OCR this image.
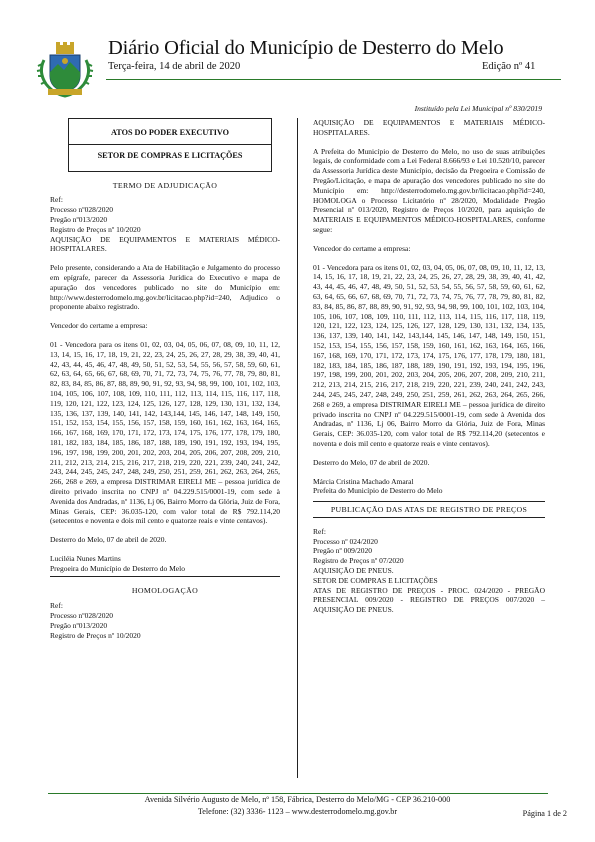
Diário Oficial do Município de Desterro do Melo
Terça-feira, 14 de abril de 2020	Edição nº 41
Instituído pela Lei Municipal nº 830/2019
ATOS DO PODER EXECUTIVO
SETOR DE COMPRAS E LICITAÇÕES
TERMO DE ADJUDICAÇÃO

Ref:

Processo nº028/2020

Pregão nº013/2020

Registro de Preços nº 10/2020

AQUISIÇÃO DE EQUIPAMENTOS E MATERIAIS MÉDICO-HOSPITALARES.

Pelo presente, considerando a Ata de Habilitação e Julgamento do processo em epígrafe, parecer da Assessoria Jurídica do Executivo e mapa de apuração dos vencedores publicado no site do Município em: http://www.desterrodomelo.mg.gov.br/licitacao.php?id=240, Adjudico o proponente abaixo registrado.

Vencedor do certame a empresa:

01 - Vencedora para os itens 01, 02, 03, 04, 05, 06, 07, 08, 09, 10, 11, 12, 13, 14, 15, 16, 17, 18, 19, 21, 22, 23, 24, 25, 26, 27, 28, 29, 38, 39, 40, 41, 42, 43, 44, 45, 46, 47, 48, 49, 50, 51, 52, 53, 54, 55, 56, 57, 58, 59, 60, 61, 62, 63, 64, 65, 66, 67, 68, 69, 70, 71, 72, 73, 74, 75, 76, 77, 78, 79, 80, 81, 82, 83, 84, 85, 86, 87, 88, 89, 90, 91, 92, 93, 94, 98, 99, 100, 101, 102, 103, 104, 105, 106, 107, 108, 109, 110, 111, 112, 113, 114, 115, 116, 117, 118, 119, 120, 121, 122, 123, 124, 125, 126, 127, 128, 129, 130, 131, 132, 134, 135, 136, 137, 139, 140, 141, 142, 143,144, 145, 146, 147, 148, 149, 150, 151, 152, 153, 154, 155, 156, 157, 158, 159, 160, 161, 162, 163, 164, 165, 166, 167, 168, 169, 170, 171, 172, 173, 174, 175, 176, 177, 178, 179, 180, 181, 182, 183, 184, 185, 186, 187, 188, 189, 190, 191, 192, 193, 194, 195, 196, 197, 198, 199, 200, 201, 202, 203, 204, 205, 206, 207, 208, 209, 210, 211, 212, 213, 214, 215, 216, 217, 218, 219, 220, 221, 239, 240, 241, 242, 243, 244, 245, 245, 247, 248, 249, 250, 251, 259, 261, 262, 263, 264, 265, 266, 268 e 269, a empresa DISTRIMAR EIRELI ME – pessoa jurídica de direito privado inscrita no CNPJ nº 04.229.515/0001-19, com sede à Avenida dos Andradas, nº 1136, Lj 06, Bairro Morro da Glória, Juiz de Fora, Minas Gerais, CEP: 36.035-120, com valor total de R$ 792.114,20 (setecentos e noventa e dois mil cento e quatorze reais e vinte centavos).

Desterro do Melo, 07 de abril de 2020.

Luciléia Nunes Martins

Pregoeira do Município de Desterro do Melo

HOMOLOGAÇÃO

Ref:

Processo nº028/2020

Pregão nº013/2020

Registro de Preços nº 10/2020

AQUISIÇÃO DE EQUIPAMENTOS E MATERIAIS MÉDICO-HOSPITALARES.

A Prefeita do Município de Desterro do Melo, no uso de suas atribuições legais, de conformidade com a Lei Federal 8.666/93 e Lei 10.520/10, parecer da Assessoria Jurídica deste Município, decisão da Pregoeira e Comissão de Pregão/Licitação, e mapa de apuração dos vencedores publicado no site do Município em: http://desterrodomelo.mg.gov.br/licitacao.php?id=240, HOMOLOGA o Processo Licitatório nº 28/2020, Modalidade Pregão Presencial nº 013/2020, Registro de Preços 10/2020, para aquisição de MATERIAIS E EQUIPAMENTOS MÉDICO-HOSPITALARES, conforme segue:

Vencedor do certame a empresa:

01 - Vencedora para os itens 01, 02, 03, 04, 05, 06, 07, 08, 09, 10, 11, 12, 13, 14, 15, 16, 17, 18, 19, 21, 22, 23, 24, 25, 26, 27, 28, 29, 38, 39, 40, 41, 42, 43, 44, 45, 46, 47, 48, 49, 50, 51, 52, 53, 54, 55, 56, 57, 58, 59, 60, 61, 62, 63, 64, 65, 66, 67, 68, 69, 70, 71, 72, 73, 74, 75, 76, 77, 78, 79, 80, 81, 82, 83, 84, 85, 86, 87, 88, 89, 90, 91, 92, 93, 94, 98, 99, 100, 101, 102, 103, 104, 105, 106, 107, 108, 109, 110, 111, 112, 113, 114, 115, 116, 117, 118, 119, 120, 121, 122, 123, 124, 125, 126, 127, 128, 129, 130, 131, 132, 134, 135, 136, 137, 139, 140, 141, 142, 143,144, 145, 146, 147, 148, 149, 150, 151, 152, 153, 154, 155, 156, 157, 158, 159, 160, 161, 162, 163, 164, 165, 166, 167, 168, 169, 170, 171, 172, 173, 174, 175, 176, 177, 178, 179, 180, 181, 182, 183, 184, 185, 186, 187, 188, 189, 190, 191, 192, 193, 194, 195, 196, 197, 198, 199, 200, 201, 202, 203, 204, 205, 206, 207, 208, 209, 210, 211, 212, 213, 214, 215, 216, 217, 218, 219, 220, 221, 239, 240, 241, 242, 243, 244, 245, 245, 247, 248, 249, 250, 251, 259, 261, 262, 263, 264, 265, 266, 268 e 269, a empresa DISTRIMAR EIRELI ME – pessoa jurídica de direito privado inscrita no CNPJ nº 04.229.515/0001-19, com sede à Avenida dos Andradas, nº 1136, Lj 06, Bairro Morro da Glória, Juiz de Fora, Minas Gerais, CEP: 36.035-120, com valor total de R$ 792.114,20 (setecentos e noventa e dois mil cento e quatorze reais e vinte centavos).

Desterro do Melo, 07 de abril de 2020.

Márcia Cristina Machado Amaral

Prefeita do Município de Desterro do Melo

PUBLICAÇÃO DAS ATAS DE REGISTRO DE PREÇOS

Ref:

Processo nº 024/2020

Pregão nº 009/2020

Registro de Preços nº 07/2020

AQUISIÇÃO DE PNEUS.

SETOR DE COMPRAS E LICITAÇÕES

ATAS DE REGISTRO DE PREÇOS - PROC. 024/2020 - PREGÃO PRESENCIAL 009/2020 - REGISTRO DE PREÇOS 007/2020 – AQUISIÇÃO DE PNEUS.

Avenida Silvério Augusto de Melo, nº 158, Fábrica, Desterro do Melo/MG - CEP 36.210-000
Telefone: (32) 3336- 1123 – www.desterrodomelo.mg.gov.br	Página 1 de 2
